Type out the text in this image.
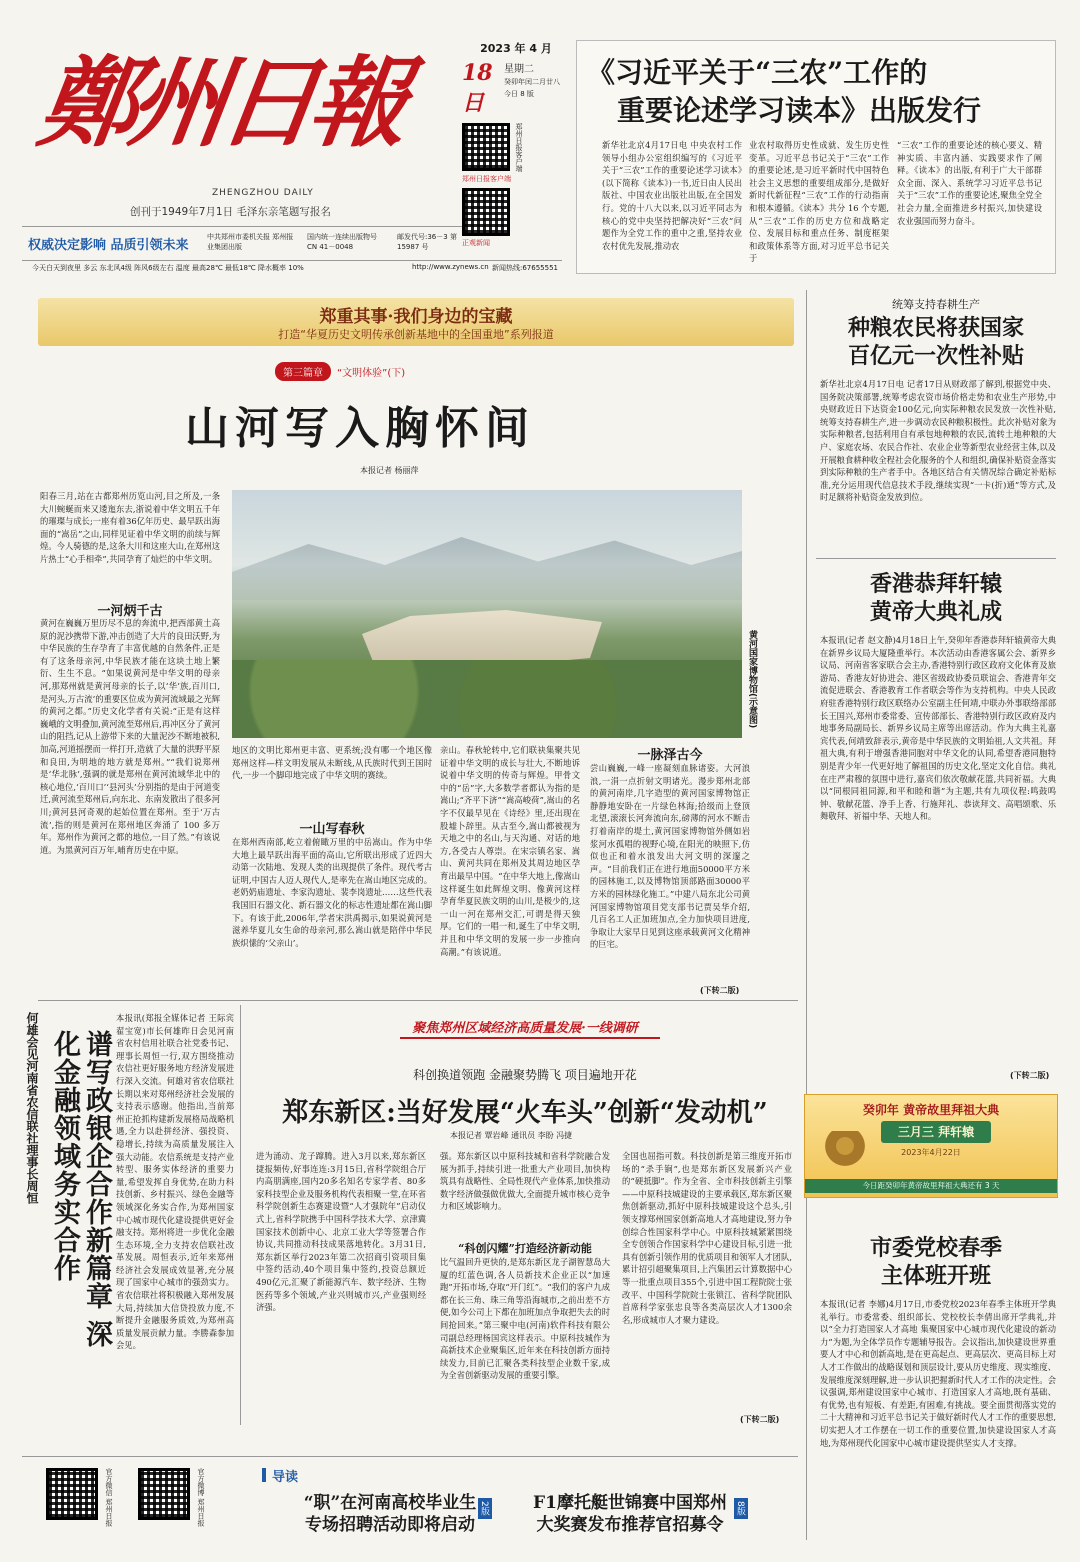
鄭州日報
ZHENGZHOU DAILY
创刊于1949年7月1日 毛泽东亲笔题写报名
权威决定影响 品质引领未来
中共郑州市委机关报 郑州报业集团出版
国内统一连续出版物号 CN 41－0048
邮发代号:36－3 第 15987 号
2023 年 4 月
18日
星期二
癸卯年闰二月廿八
今日 8 版
郑州日报客户端
郑州日报客户端
正观新闻
今天白天到夜里 多云 东北风4级 阵风6级左右 温度 最高28℃ 最低18℃ 降水概率 10%	http://www.zynews.cn 新闻热线:67655551
《习近平关于“三农”工作的
重要论述学习读本》出版发行
新华社北京4月17日电 中央农村工作领导小组办公室组织编写的《习近平关于“三农”工作的重要论述学习读本》(以下简称《读本》)一书,近日由人民出版社、中国农业出版社出版,在全国发行。党的十八大以来,以习近平同志为核心的党中央坚持把解决好“三农”问题作为全党工作的重中之重,坚持农业农村优先发展,推动农
业农村取得历史性成就、发生历史性变革。习近平总书记关于“三农”工作的重要论述,是习近平新时代中国特色社会主义思想的重要组成部分,是做好新时代新征程“三农”工作的行动指南和根本遵循。《读本》共分 16 个专题,从“三农”工作的历史方位和战略定位、发展目标和重点任务、制度框架和政策体系等方面,对习近平总书记关于
“三农”工作的重要论述的核心要义、精神实质、丰富内涵、实践要求作了阐释。《读本》的出版,有利于广大干部群众全面、深入、系统学习习近平总书记关于“三农”工作的重要论述,聚焦全党全社会力量,全面推进乡村振兴,加快建设农业强国而努力奋斗。
郑重其事·我们身边的宝藏
打造“华夏历史文明传承创新基地中的全国重地”系列报道
第三篇章	“文明体验”(下)
山河写入胸怀间
本报记者 杨丽萍
阳春三月,站在古都郑州历览山河,目之所及,一条大川蜿蜒而来又逶迤东去,浙说着中华文明五千年的璀璨与成长;一座有着36亿年历史、最早跃出海面的“嵩岳”之山,同样见证着中华文明的前续与辉煌。今人骑德的是,这条大川和这座大山,在郑州这片热土“心手相牵”,共同孕育了灿烂的中华文明。
一河炳千古
黄河在巍巍万里历尽不息的奔流中,把西部黄土高原的泥沙携带下游,冲击创造了大片的良田沃野,为中华民族的生存孕育了丰富优越的自然条件,正是有了这条母亲河,中华民族才能在这块土地上繁衍、生生不息。“如果说黄河是中华文明的母亲河,那郑州就是黄河母亲的长子,以‘华’族,百川口,是河头,万古流’的重要区位成为黄河流域最之光辉的黄河之都。”历史文化学者有关说:“正是有这样巍峨的文明叠加,黄河流至郑州后,再冲区分了黄河山的阻挡,记从上游带下来的大量泥沙不断地被积,加高,河道摇摆而一样打开,造就了大量的洪野平原和良田,为明地的地方就是郑州。”“我们说郑州是‘华北脉’,强调的就是郑州在黄河流域华北中的核心地位,‘百川口’‘县河头’分别指的是由于河道变迁,黄河流至郑州后,向东北、东南发散出了很多河川;黄河县河奇观的起始位置在郑州。至于‘万古流’,指的则是黄河在郑州地区奔涌了 100 多万年。郑州作为黄河之都的地位,一目了然。”有该说道。为黑黄河百万年,哺育历史在中原。
黄河国家博物馆(示意图)
地区的文明比郑州更丰富、更系统;没有哪一个地区像郑州这样—样文明发展从未断线,从氏族时代到王国时代,一步一个脚印地完成了中华文明的赛续。
一山写春秋
在郑州西南部,屹立着俯瞰万里的中岳嵩山。作为中华大地上最早跃出海平面的高山,它所联出形成了近四大动第一次陆地、发现人类的出现提供了条件。现代考古证明,中国古人迈人现代人,是率先在嵩山地区完成的。老奶奶庙遗址、李家沟遗址、裴李岗遗址……这些代表我国旧石器文化、新石器文化的标志性遗址都在嵩山脚下。有该于此,2006年,学者宋洪禹揭示,如果说黄河是滋养华夏儿女生命的母亲河,那么嵩山就是陪伴中华民族炽愫的‘父亲山’。
亲山。春秋轮转中,它们联袂集聚共见证着中华文明的成长与壮大,不断地诉说着中华文明的传奇与辉煌。甲骨文中的“岳”字,大多数学者都认为指的是嵩山;“齐平下济”“嵩高峻荷”,嵩山的名字不仅最早见在《诗经》里,还出现在股墟卜辞里。从古至今,嵩山都被视为天地之中的名山,与天沟通、对话的地方,各受古人尊崇。在宋宗镇名家、嵩山、黄河共同在郑州及其周边地区孕育出最早中国。“在中华大地上,像嵩山这样诞生如此辉煌文明、像黄河这样孕育华夏民族文明的山川,是极少的,这一山一河在郑州交汇,可谓是得天独厚。它们的一唱一和,诞生了中华文明,并且和中华文明的发展一步一步推向高潮。”有该说道。
一脉泽古今
尝山巍巍,一峰一座凝刻血脉诸姿。大河浪浪,一涓一点折射文明诸光。漫步郑州北部的黄河南岸,几字造型的黄河国家博物馆正静静地安卧在一片绿色林海;拾级而上登顶北望,滚滚长河奔流向东,磅薄的河水不断击打着南岸的堤土,黄河国家博物馆外侧如岩浆河水孤唱的视野心境,在阳光的映照下,仿似也正和着水浪发出大河文明的深邃之声。“目前我们正在进行地面50000平方米的园林施工,以及博物馆顶部路面30000平方米的园林绿化施工。”中建八局东北公司黄河国家博物馆项目党支部书记贾吴华介绍,几百名工人正加班加点,全力加快项目进度,争取让大家早日见到这座承载黄河文化精神的巨宅。
(下转二版)
统筹支持春耕生产
种粮农民将获国家
百亿元一次性补贴
新华社北京4月17日电 记者17日从财政部了解到,根据党中央、国务院决策部署,统筹考虑农资市场价格走势和农业生产形势,中央财政近日下达资金100亿元,向实际种粮农民发放一次性补贴,统筹支持春耕生产,进一步调动农民种粮积极性。此次补贴对象为实际种粮者,包括利用自有承包地种粮的农民,流转土地种粮的大户、家庭农场、农民合作社、农业企业等新型农业经营主体,以及开展粮食耕种收全程社会化服务的个人和组织,确保补贴资金落实到实际种粮的生产者手中。各地区结合有关情况综合确定补贴标准,充分运用现代信息技术手段,继续实现“一卡(折)通”等方式,及时足额将补贴资金发放到位。
香港恭拜轩辕
黄帝大典礼成
本报讯(记者 赵文静)4月18日上午,癸卯年香港恭拜轩辕黄帝大典在新界乡议局大厦隆重举行。本次活动由香港客属公会、新界乡议局、河南省客家联合会主办,香港特别行政区政府文化体育及旅游局、香港友好协进会、港区省级政协委员联谊会、香港青年交流促进联会、香港教育工作者联会等作为支持机构。中央人民政府驻香港特别行政区联络办公室副主任何靖,中联办外事联络部部长王国兴,郑州市委常委、宣传部部长、香港特别行政区政府及内地事务局副局长、新界乡议局主席等出席活动。作为大典主礼嘉宾代表,何靖致辞表示,黄帝是中华民族的文明始祖,人文共祖。拜祖大典,有利于增强香港同胞对中华文化的认同,希望香港同胞特别是青少年一代更好地了解祖国的历史文化,坚定文化自信。典礼在庄严肃穆的氛围中进行,嘉宾们依次敬献花篮,共同祈福。大典以“同根同祖同源,和平和睦和谐”为主题,共有九项仪程:鸣鼓鸣钟、敬献花篮、净手上香、行施拜礼、恭读拜文、高唱颂歌、乐舞敬拜、祈福中华、天地人和。
(下转二版)
癸卯年 黄帝故里拜祖大典
三月三 拜轩辕
2023年4月22日
今日距癸卯年黄帝故里拜祖大典还有 3 天
市委党校春季
主体班开班
本报讯(记者 李娜)4月17日,市委党校2023年春季主体班开学典礼举行。市委常委、组织部长、党校校长李倩出席开学典礼,并以“全力打造国家人才高地 集聚国家中心城市现代化建设的新动力”为题,为全体学员作专题辅导报告。会议指出,加快建设世界重要人才中心和创新高地,是在更高起点、更高层次、更高目标上对人才工作做出的战略谋划和顶层设计,要从历史维度、现实维度、发展维度深刻理解,进一步认识把握新时代人才工作的决定性。会议强调,郑州建设国家中心城市、打造国家人才高地,既有基础、有优势,也有短板、有差距,有困难,有挑战。要全面贯彻落实党的二十大精神和习近平总书记关于做好新时代人才工作的重要思想,切实把人才工作摆在一切工作的重要位置,加快建设国家人才高地,为郑州现代化国家中心城市建设提供坚实人才支撑。
谱写政银企合作新篇章 深化金融领域务实合作
何雄会见河南省农信联社理事长周恒	本报讯(郑报全媒体记者 王际宾 翟宝宽)市长何雄昨日会见河南省农村信用社联合社党委书记、理事长周恒一行,双方围绕推动农信社更好服务地方经济发展进行深入交流。何雄对省农信联社长期以来对郑州经济社会发展的支持表示感谢。他指出,当前郑州正抢抓构建新发展格局战略机遇,全力以赴拼经济、强投资、稳增长,持续为高质量发展注入强大动能。农信系统是支持产业转型、服务实体经济的重要力量,希望发挥自身优势,在助力科技创新、乡村振兴、绿色金融等领域深化务实合作,为郑州国家中心城市现代化建设提供更好金融支持。郑州将进一步优化金融生态环境,全力支持农信联社改革发展。周恒表示,近年来郑州经济社会发展成效显著,充分展现了国家中心城市的强劲实力。省农信联社将积极融入郑州发展大局,持续加大信贷投放力度,不断提升金融服务质效,为郑州高质量发展贡献力量。李勝森参加会见。
聚焦郑州区域经济高质量发展·一线调研
科创换道领跑 金融聚势腾飞 项目遍地开花
郑东新区:当好发展“火车头”创新“发动机”
本报记者 覃岩峰 通讯员 李盼 冯捷
进为涌动、龙子蹿腾。进入3月以来,郑东新区捷报频传,好事连连:3月15日,省科学院组合厅内高朋满座,国内20多名知名专家学者、80多家科技型企业及服务机构代表相聚一堂,在环省科学院创新生态赛建设暨“人才强院年”启动仪式上,省科学院携手中国科学技术大学、京津冀国家技术创新中心、北京工业大学等签署合作协议,共同推动科技成果落地转化。3月31日,郑东新区举行2023年第二次招商引资项目集中签约活动,40个项目集中签约,投资总额近490亿元,汇聚了新能源汽车、数字经济、生物医药等多个领域,产业兴则城市兴,产业强则经济强。
强。郑东新区以中原科技城和省科学院融合发展为抓手,持续引进一批重大产业项目,加快构筑具有战略性、全局性现代产业体系,加快推动数字经济做强做优做大,全面提升城市核心竞争力和区域影响力。
“科创闪耀”打造经济新动能
比气温回升更快的,是郑东新区龙子湖智慧岛大厦的红蓝色调,各人员新技术企业正以“加速跑”开拓市场,夺取“开门红”。“我们的客户九成都在长三角、珠三角等沿海城市,之前出差不方便,如今公司上下都在加班加点争取把失去的时间抢回来。”第三聚中电(河南)软件科技有限公司副总经理杨国宾这样表示。中原科技城作为高新技术企业聚集区,近年来在科技创新方面持续发力,目前已汇聚各类科技型企业数千家,成为全省创新驱动发展的重要引擎。
全国也屈指可数。科技创新是第三维度开拓市场的“杀手锏”,也是郑东新区发展新兴产业的“硬抵脚”。作为全省、全市科技创新主引擎——中原科技城建设的主要承载区,郑东新区聚焦创新驱动,抓好中原科技城建设这个总头,引领支撑郑州国家创新高地人才高地建设,努力争创综合性国家科学中心。中原科技城紧紧围绕全专创领合作国家科学中心建设目标,引进一批具有创新引领作用的优质项目和领军人才团队,累计招引超聚集项目,上汽集团云计算数据中心等一批重点项目355个,引进中国工程院院士张改平、中国科学院院士张锁江、省科学院团队首席科学家张忠良等各类高层次人才1300余名,形成城市人才聚力建设。
(下转二版)
官方微信 郑州日报	官方微博 郑州日报	导读
“职”在河南高校毕业生
专场招聘活动即将启动
2版	F1摩托艇世锦赛中国郑州
大奖赛发布推荐官招募令
8版
